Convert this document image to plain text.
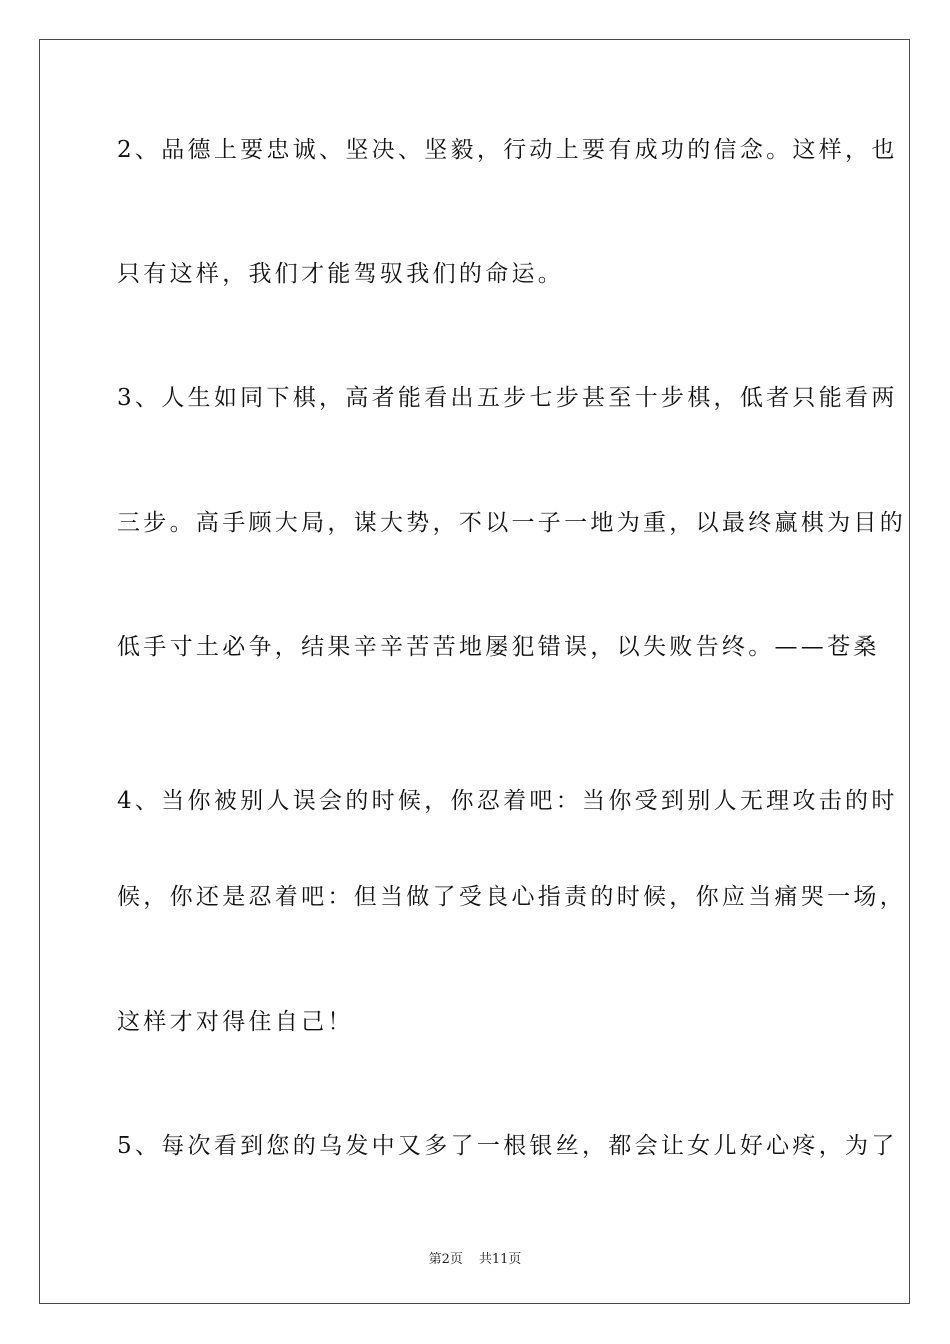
2、品德上要忠诚、坚决、坚毅，行动上要有成功的信念。这样，也
只有这样，我们才能驾驭我们的命运。
3、人生如同下棋，高者能看出五步七步甚至十步棋，低者只能看两
三步。高手顾大局，谋大势，不以一子一地为重，以最终赢棋为目的
低手寸土必争，结果辛辛苦苦地屡犯错误，以失败告终。——苍桑
4、当你被别人误会的时候，你忍着吧：当你受到别人无理攻击的时
候，你还是忍着吧：但当做了受良心指责的时候，你应当痛哭一场，
这样才对得住自己！
5、每次看到您的乌发中又多了一根银丝，都会让女儿好心疼，为了
第2页 共11页
